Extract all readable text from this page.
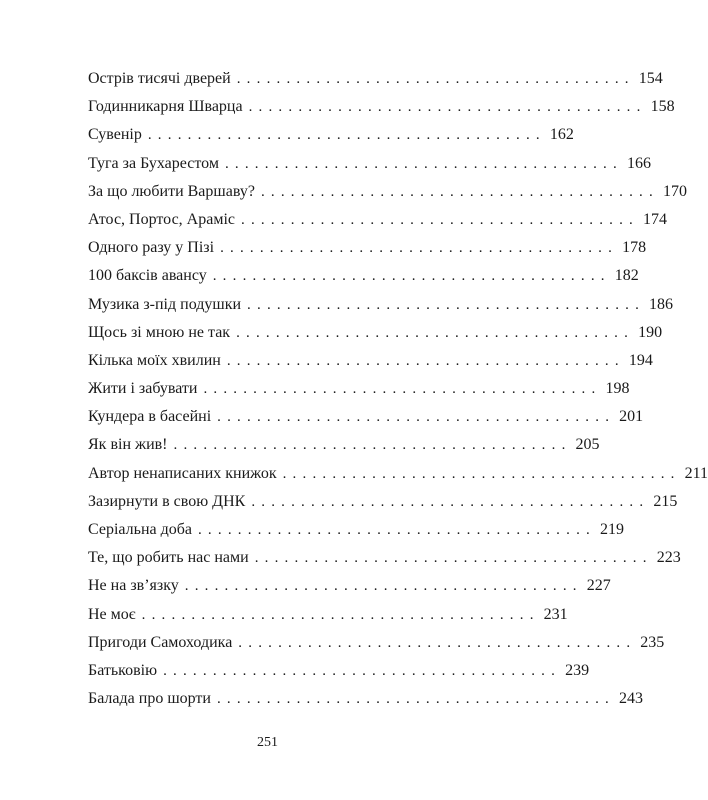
Острів тисячі дверей ........................................ 154
Годинникарня Шварца ........................................ 158
Сувенір ........................................ 162
Туга за Бухарестом ........................................ 166
За що любити Варшаву? ........................................ 170
Атос, Портос, Араміс ........................................ 174
Одного разу у Пізі ........................................ 178
100 баксів авансу ........................................ 182
Музика з-під подушки ........................................ 186
Щось зі мною не так ........................................ 190
Кілька моїх хвилин ........................................ 194
Жити і забувати ........................................ 198
Кундера в басейні ........................................ 201
Як він жив! ........................................ 205
Автор ненаписаних книжок ........................................ 211
Зазирнути в свою ДНК ........................................ 215
Серіальна доба ........................................ 219
Те, що робить нас нами ........................................ 223
Не на зв’язку ........................................ 227
Не моє ........................................ 231
Пригоди Самоходика ........................................ 235
Батьковію ........................................ 239
Балада про шорти ........................................ 243
251
